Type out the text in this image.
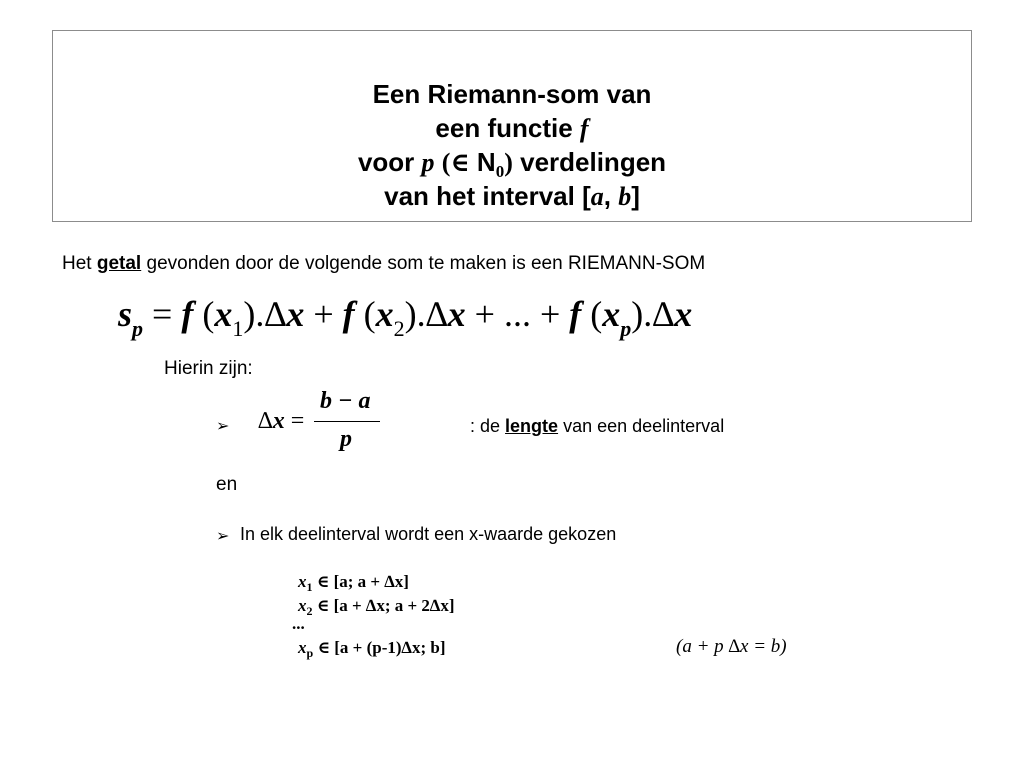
Een Riemann-som van
een functie f
voor p (∈ $N_0$) verdelingen
van het interval [a, b]
Het getal gevonden door de volgende som te maken is een RIEMANN-SOM
$s_p = f$ $(x_1).\Delta x + f$ $(x_2).\Delta x$ + ... + f $(x_p).\Delta x$
Hierin zijn:
➢ ∆x =
b − a
p	: de lengte van een deelinterval
en
➢ In elk deelinterval wordt een x-waarde gekozen
$x_1$ ∈ [a; a + ∆x]
$x_2$ ∈ [a + ∆x; a + 2∆x]
...
$x_p$ ∈ [a + (p-1)∆x; b]	(a + p ∆x = b)
